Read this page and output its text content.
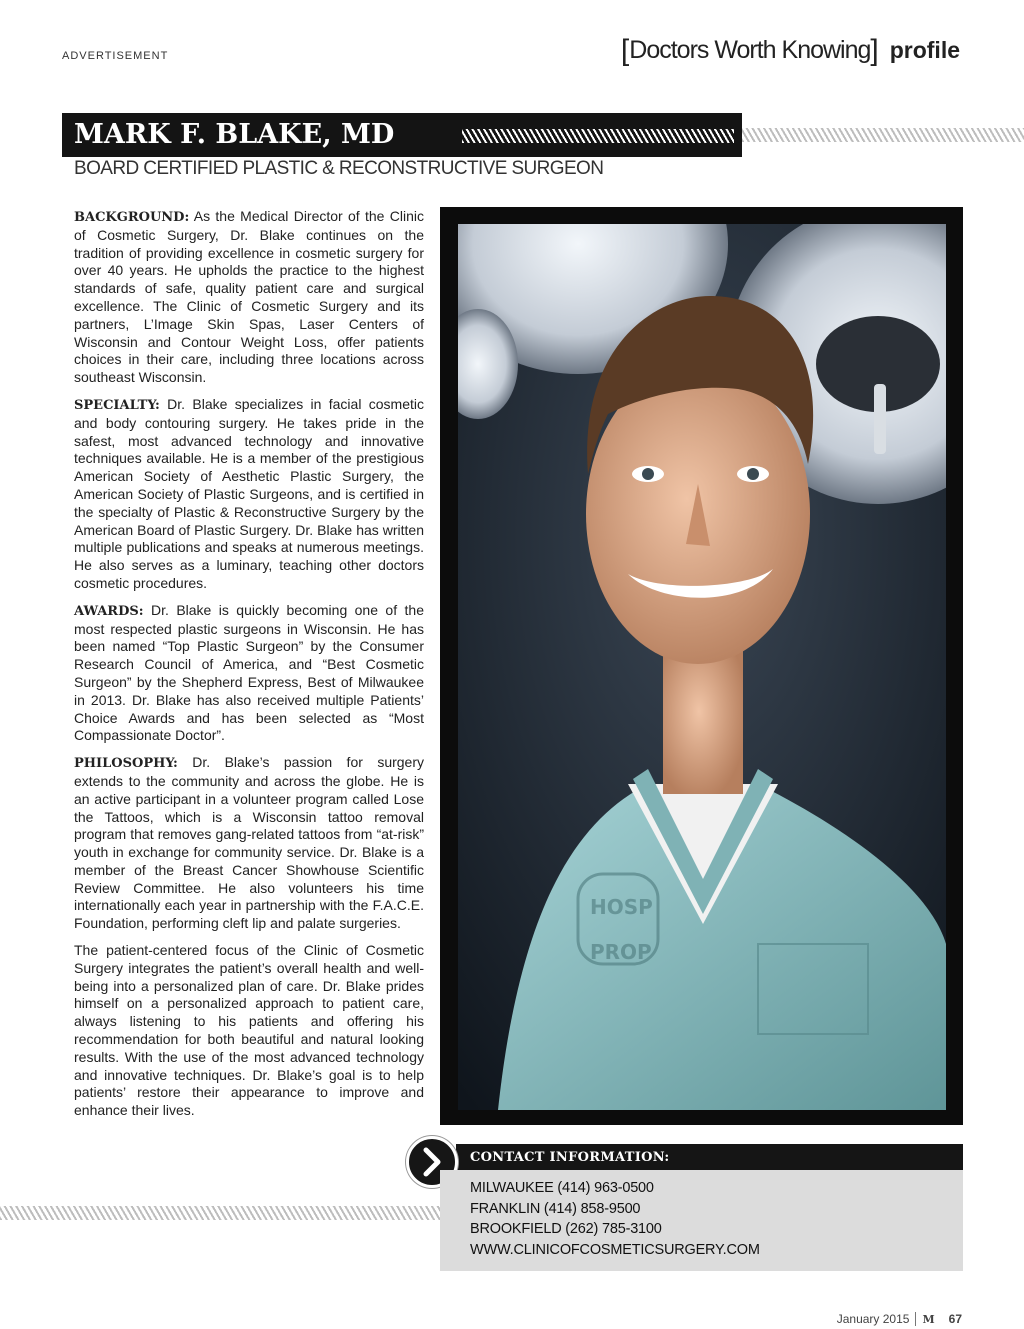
ADVERTISEMENT	[Doctors Worth Knowing] profile
MARK F. BLAKE, MD
BOARD CERTIFIED PLASTIC & RECONSTRUCTIVE SURGEON

BACKGROUND: As the Medical Director of the Clinic of Cosmetic Surgery, Dr. Blake continues on the tradition of providing excellence in cosmetic surgery for over 40 years. He upholds the practice to the highest standards of safe, quality patient care and surgical excellence. The Clinic of Cosmetic Surgery and its partners, L’Image Skin Spas, Laser Centers of Wisconsin and Contour Weight Loss, offer patients choices in their care, including three locations across southeast Wisconsin.

SPECIALTY: Dr. Blake specializes in facial cosmetic and body contouring surgery. He takes pride in the safest, most advanced technology and innovative techniques available. He is a member of the prestigious American Society of Aesthetic Plastic Surgery, the American Society of Plastic Surgeons, and is certified in the specialty of Plastic & Reconstructive Surgery by the American Board of Plastic Surgery. Dr. Blake has written multiple publications and speaks at numerous meetings. He also serves as a luminary, teaching other doctors cosmetic procedures.

AWARDS: Dr. Blake is quickly becoming one of the most respected plastic surgeons in Wisconsin. He has been named “Top Plastic Surgeon” by the Consumer Research Council of America, and “Best Cosmetic Surgeon” by the Shepherd Express, Best of Milwaukee in 2013. Dr. Blake has also received multiple Patients’ Choice Awards and has been selected as “Most Compassionate Doctor”.

PHILOSOPHY: Dr. Blake’s passion for surgery extends to the community and across the globe. He is an active participant in a volunteer program called Lose the Tattoos, which is a Wisconsin tattoo removal program that removes gang-related tattoos from “at-risk” youth in exchange for community service. Dr. Blake is a member of the Breast Cancer Showhouse Scientific Review Committee. He also volunteers his time internationally each year in partnership with the F.A.C.E. Foundation, performing cleft lip and palate surgeries.

The patient-centered focus of the Clinic of Cosmetic Surgery integrates the patient’s overall health and well-being into a personalized plan of care. Dr. Blake prides himself on a personalized approach to patient care, always listening to his patients and offering his recommendation for both beautiful and natural looking results. With the use of the most advanced technology and innovative techniques. Dr. Blake’s goal is to help patients’ restore their appearance to improve and enhance their lives.

HOSP
PROP
CONTACT INFORMATION:
MILWAUKEE (414) 963-0500
FRANKLIN (414) 858-9500
BROOKFIELD (262) 785-3100
WWW.CLINICOFCOSMETICSURGERY.COM
January 2015 M 67
